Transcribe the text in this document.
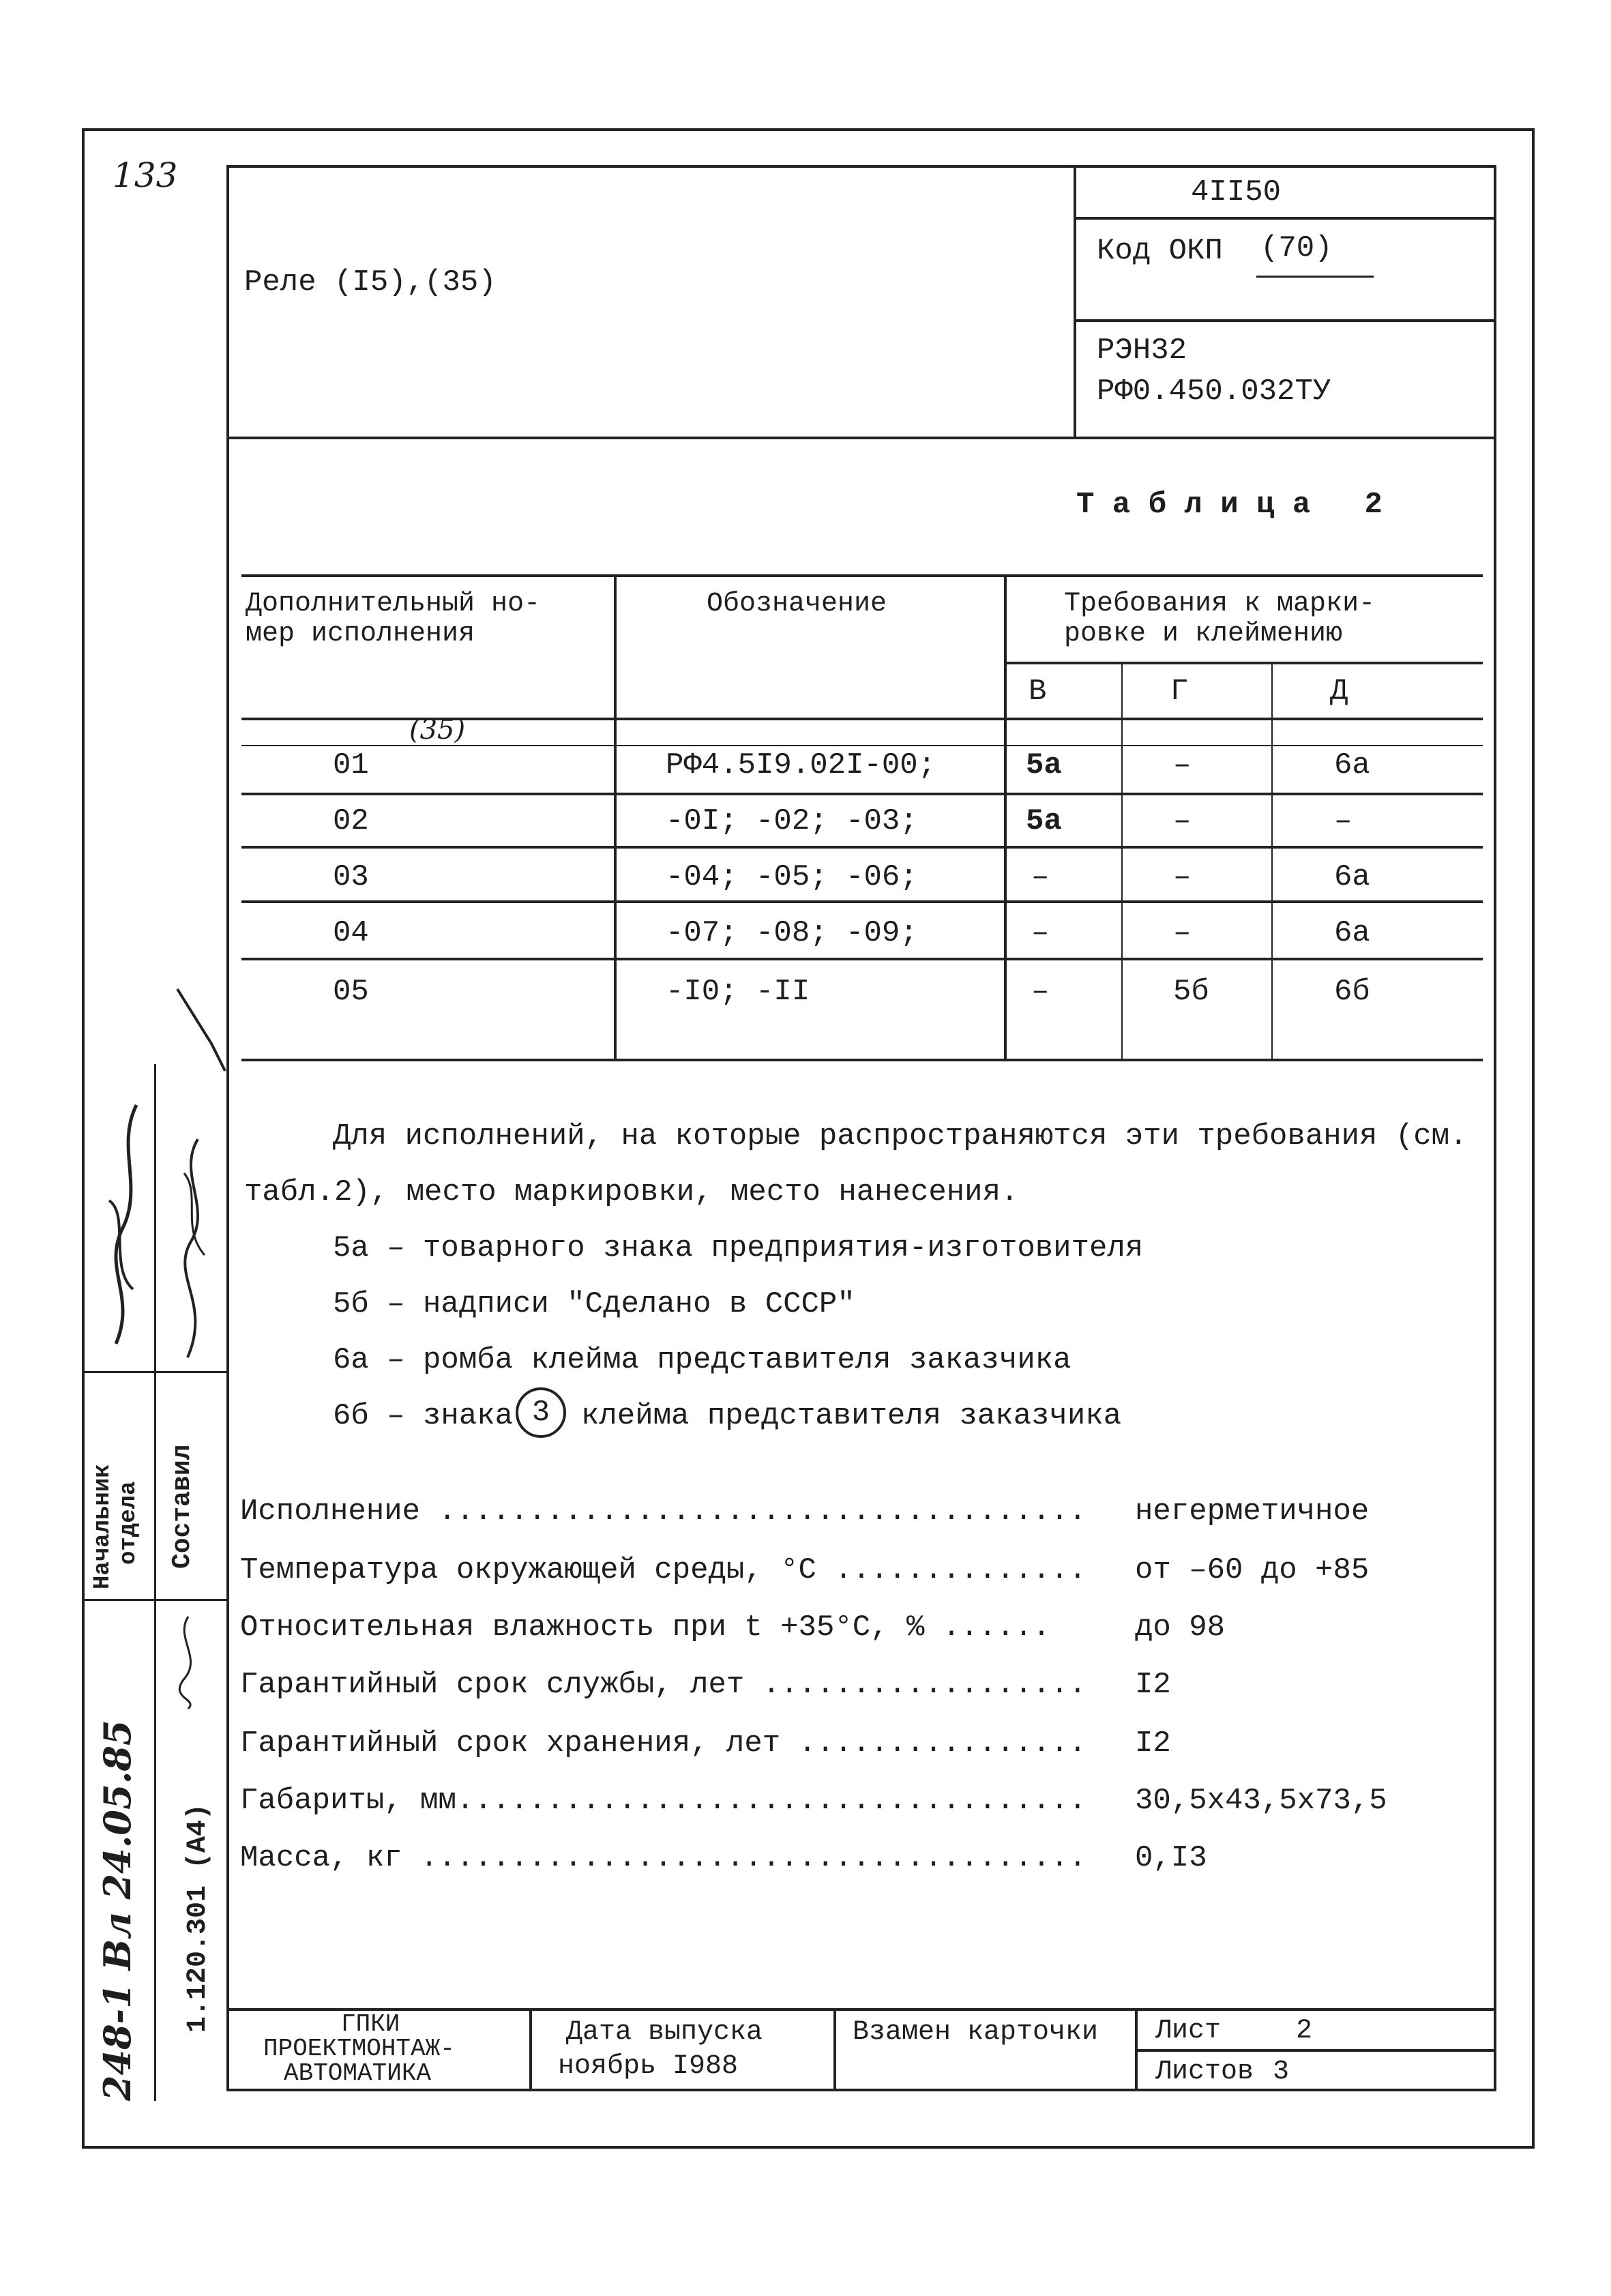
133
Реле (I5),(35)
4II50
Код ОКП (70)
РЭН32
РФ0.450.032ТУ
Т а б л и ц а   2
Дополнительный но-
мер исполнения
Обозначение	Требования к марки-
ровке и клеймению
В	Г	Д
(35)
01	РФ4.5I9.02I-00;	5а	–	6а
02	-0I; -02; -03;	5а	–	–
03	-04; -05; -06;	–	–	6а
04	-07; -08; -09;	–	–	6а
05	-I0; -II	–	5б	6б
Для исполнений, на которые распространяются эти требования (см.
табл.2), место маркировки, место нанесения.
5а – товарного знака предприятия-изготовителя
5б – надписи "Сделано в СССР"
6а – ромба клейма представителя заказчика
6б – знака 3	клейма представителя заказчика
Исполнение ....................................	негерметичное
Температура окружающей среды, °С ..............	от –60 до +85
Относительная влажность при t +35°С, % ......	до 98
Гарантийный срок службы, лет ..................	I2
Гарантийный срок хранения, лет ................	I2
Габариты, мм...................................	30,5x43,5x73,5
Масса, кг .....................................	0,I3
ГПКИ
ПРОЕКТМОНТАЖ-
АВТОМАТИКА
Дата выпуска
ноябрь I988
Взамен карточки Лист	2
Листов 3
Начальник отдела Составил
1.120.301 (А4)
248-1 Вл 24.05.85
